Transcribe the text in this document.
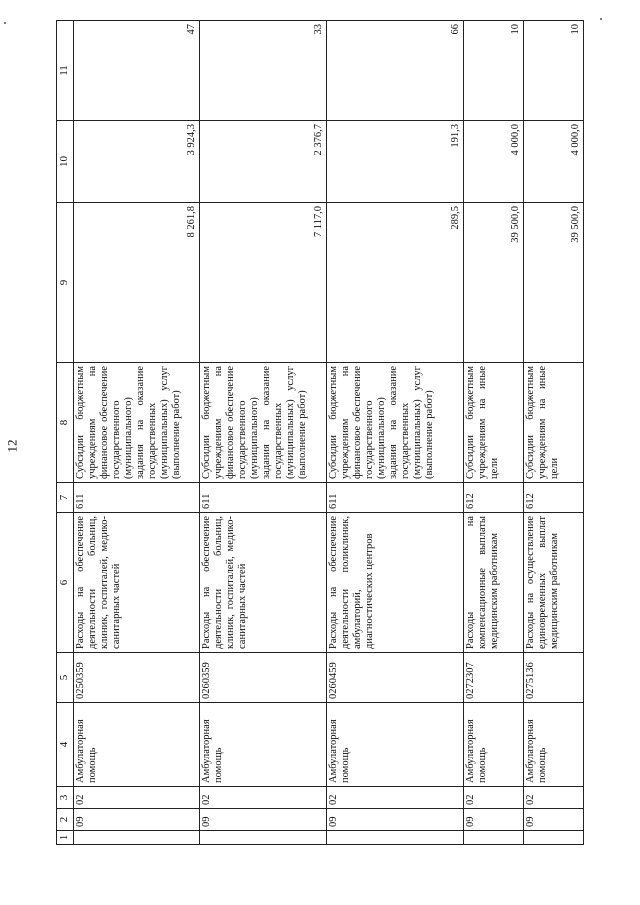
12
1	2	3	4	5	6	7	8	9	10	11
	09	02	Амбулаторная помощь	0250359	Расходы на обеспечение деятельности больниц, клиник, госпиталей, медико-санитарных частей	611	Субсидии бюджетным учреждениям на финансовое обеспечение государственного (муниципального) задания на оказание государственных (муниципальных) услуг (выполнение работ)	8 261,8	3 924,3	47
	09	02	Амбулаторная помощь	0260359	Расходы на обеспечение деятельности больниц, клиник, госпиталей, медико-санитарных частей	611	Субсидии бюджетным учреждениям на финансовое обеспечение государственного (муниципального) задания на оказание государственных (муниципальных) услуг (выполнение работ)	7 117,0	2 376,7	33
	09	02	Амбулаторная помощь	0260459	Расходы на обеспечение деятельности поликлиник, амбулаторий, диагностических центров	611	Субсидии бюджетным учреждениям на финансовое обеспечение государственного (муниципального) задания на оказание государственных (муниципальных) услуг (выполнение работ)	289,5	191,3	66
	09	02	Амбулаторная помощь	0272307	Расходы на компенсационные выплаты медицинским работникам	612	Субсидии бюджетным учреждениям на иные цели	39 500,0	4 000,0	10
	09	02	Амбулаторная помощь	0275136	Расходы на осуществление единовременных выплат медицинским работникам	612	Субсидии бюджетным учреждениям на иные цели	39 500,0	4 000,0	10
